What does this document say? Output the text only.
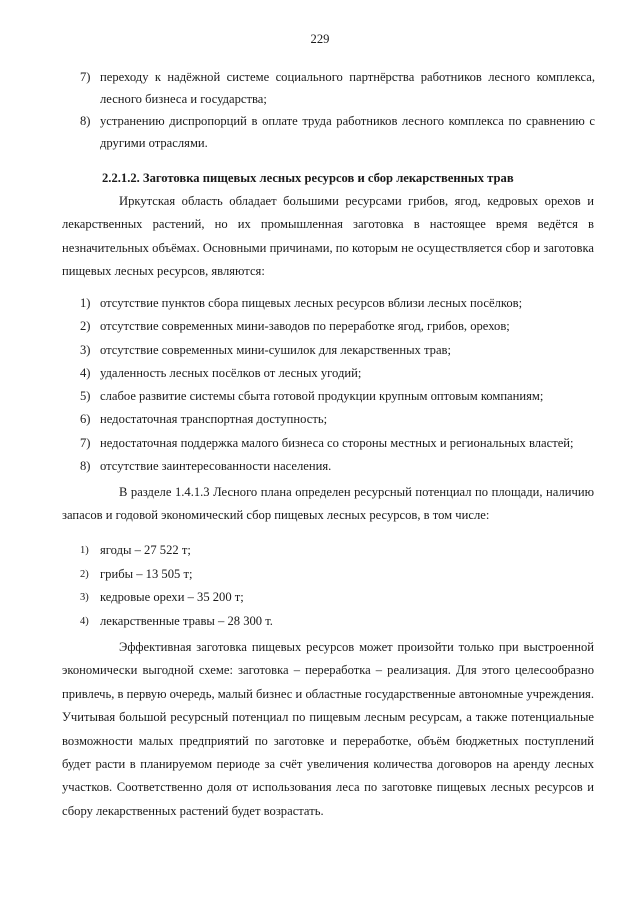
229
7) переходу к надёжной системе социального партнёрства работников лесного комплекса, лесного бизнеса и государства;
8) устранению диспропорций в оплате труда работников лесного комплекса по сравнению с другими отраслями.
2.2.1.2. Заготовка пищевых лесных ресурсов и сбор лекарственных трав
Иркутская область обладает большими ресурсами грибов, ягод, кедровых орехов и лекарственных растений, но их промышленная заготовка в настоящее время ведётся в незначительных объёмах. Основными причинами, по которым не осуществляется сбор и заготовка пищевых лесных ресурсов, являются:
1) отсутствие пунктов сбора пищевых лесных ресурсов вблизи лесных посёлков;
2) отсутствие современных мини-заводов по переработке ягод, грибов, орехов;
3) отсутствие современных мини-сушилок для лекарственных трав;
4) удаленность лесных посёлков от лесных угодий;
5) слабое развитие системы сбыта готовой продукции крупным оптовым компаниям;
6) недостаточная транспортная доступность;
7) недостаточная поддержка малого бизнеса со стороны местных и региональных властей;
8) отсутствие заинтересованности населения.
В разделе 1.4.1.3 Лесного плана определен ресурсный потенциал по площади, наличию запасов и годовой экономический сбор пищевых лесных ресурсов, в том числе:
1) ягоды – 27 522 т;
2) грибы – 13 505 т;
3) кедровые орехи – 35 200 т;
4) лекарственные травы – 28 300 т.
Эффективная заготовка пищевых ресурсов может произойти только при выстроенной экономически выгодной схеме: заготовка – переработка – реализация. Для этого целесообразно привлечь, в первую очередь, малый бизнес и областные государственные автономные учреждения. Учитывая большой ресурсный потенциал по пищевым лесным ресурсам, а также потенциальные возможности малых предприятий по заготовке и переработке, объём бюджетных поступлений будет расти в планируемом периоде за счёт увеличения количества договоров на аренду лесных участков. Соответственно доля от использования леса по заготовке пищевых лесных ресурсов и сбору лекарственных растений будет возрастать.
